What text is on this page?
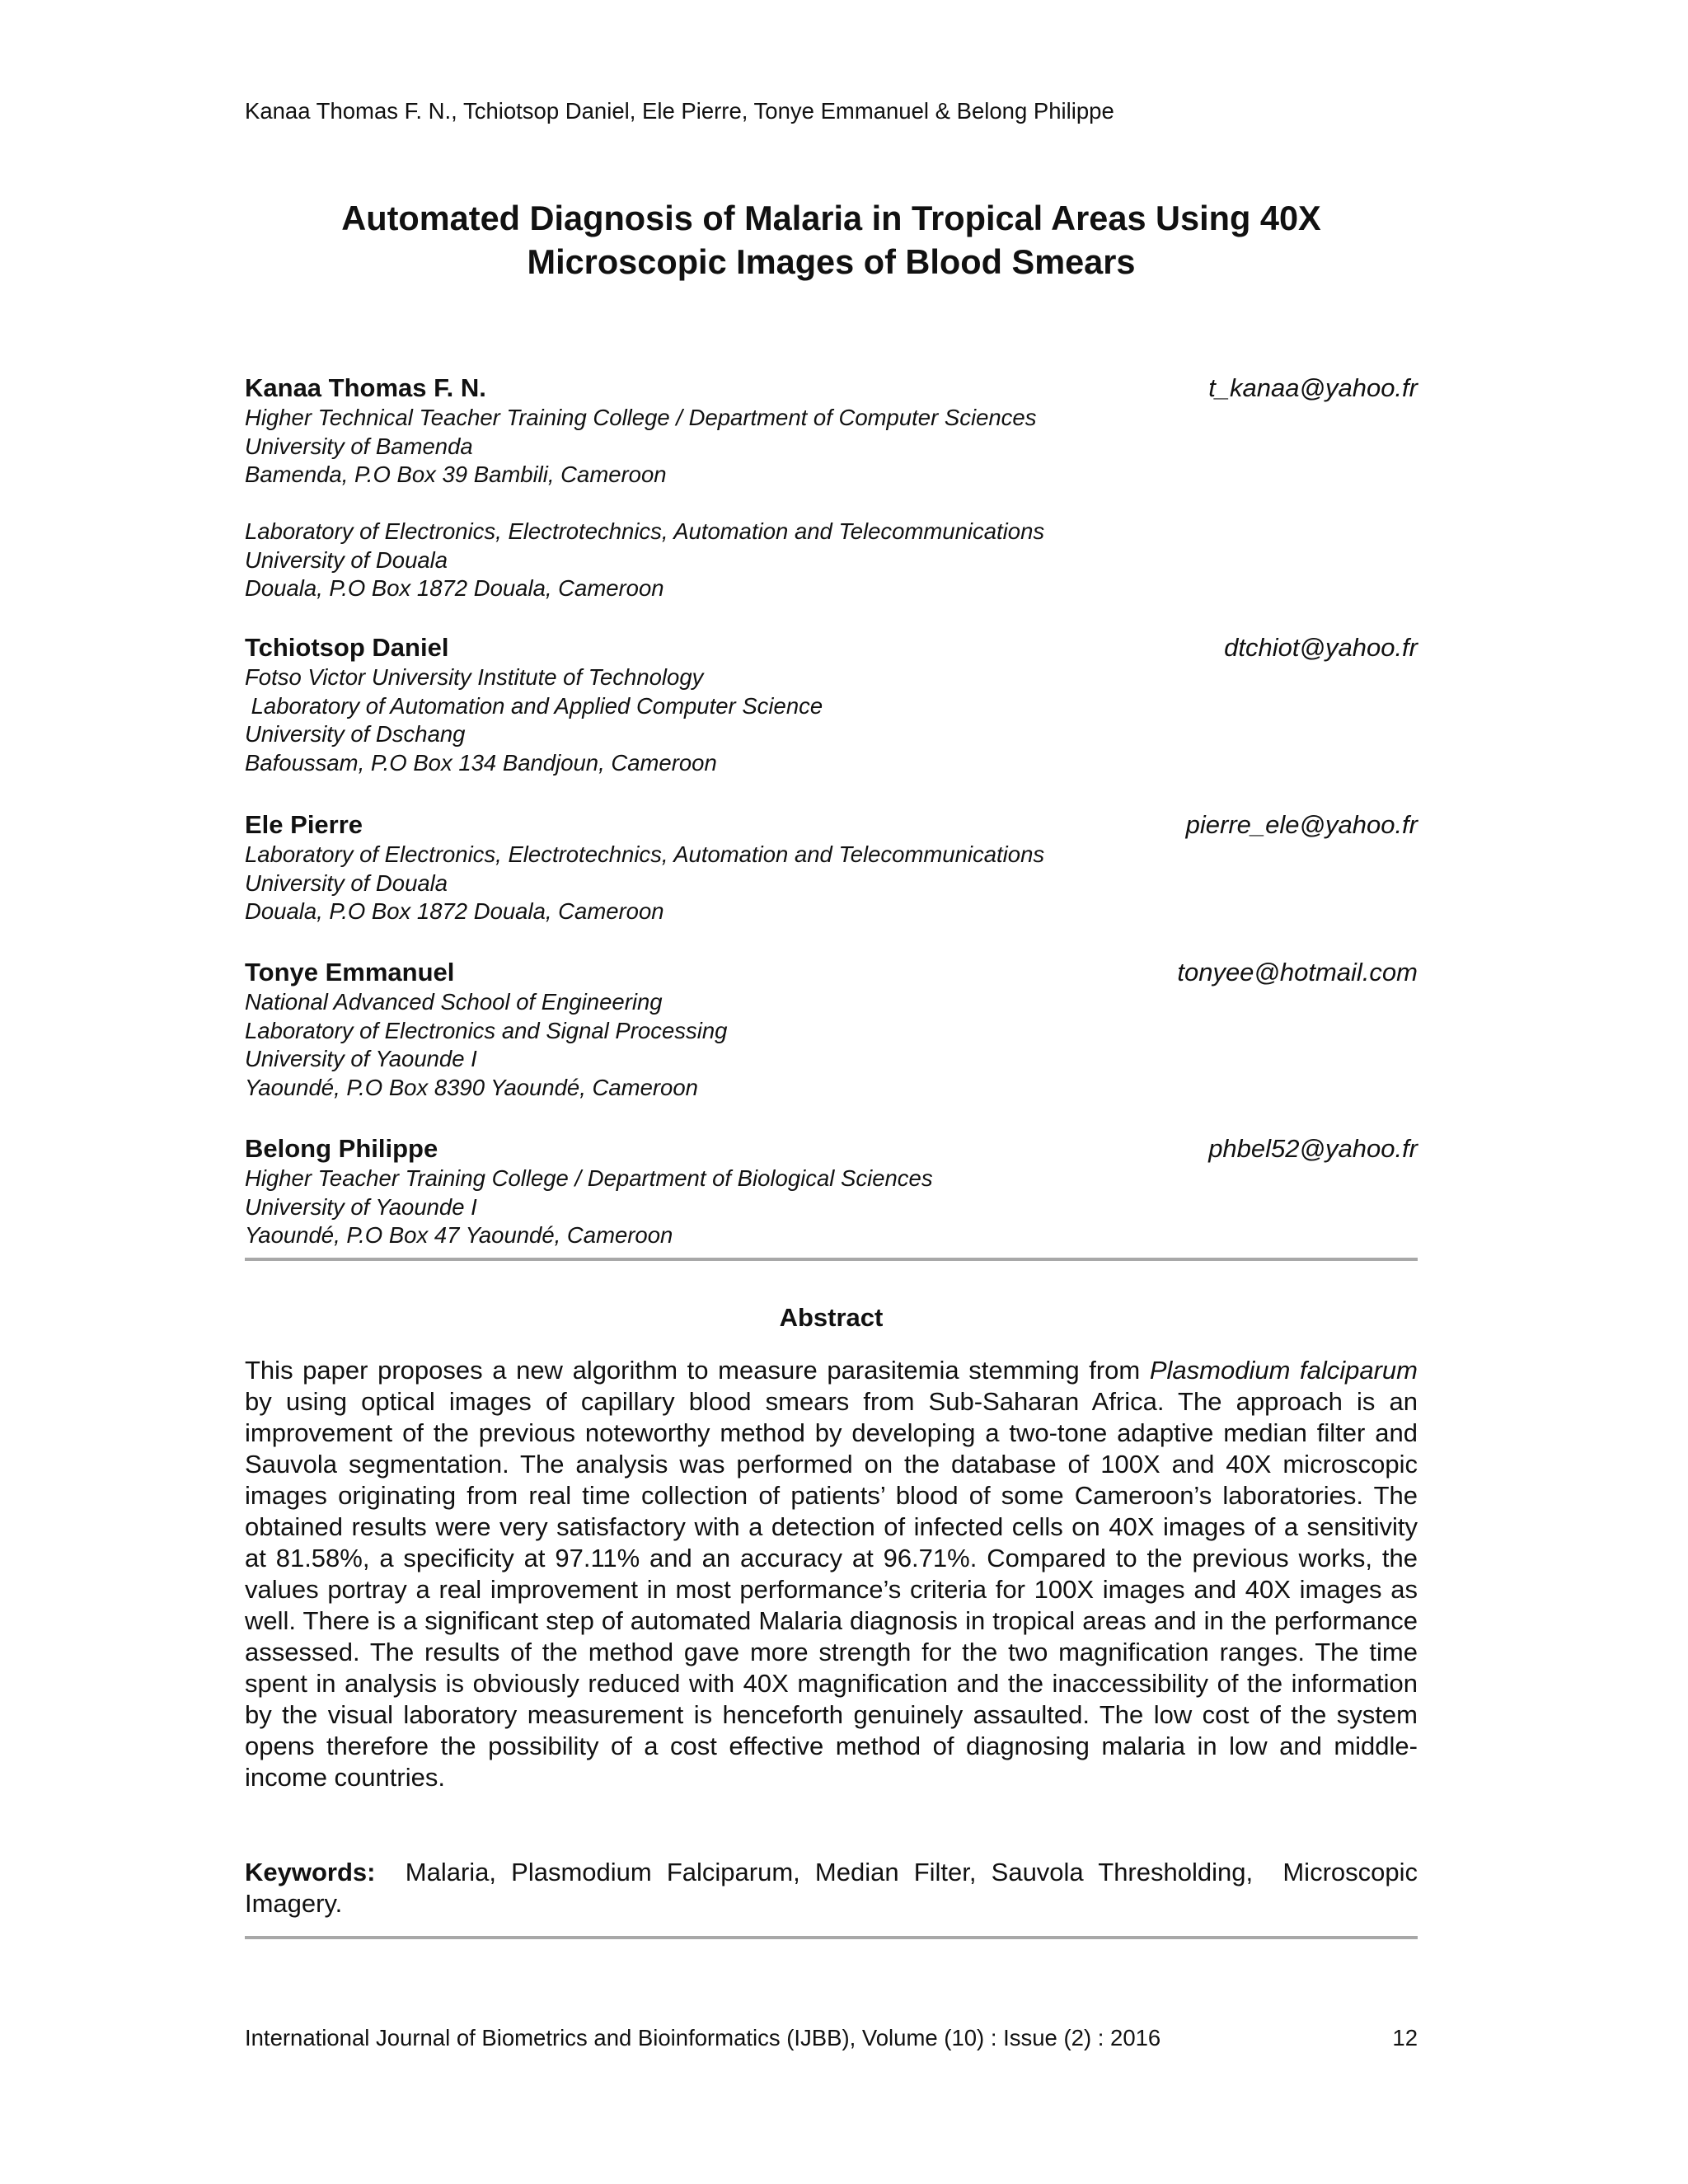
Kanaa Thomas F. N., Tchiotsop Daniel, Ele Pierre, Tonye Emmanuel & Belong Philippe
Automated Diagnosis of Malaria in Tropical Areas Using 40X
Microscopic Images of Blood Smears
Kanaa Thomas F. N.	t_kanaa@yahoo.fr
Higher Technical Teacher Training College / Department of Computer Sciences
University of Bamenda
Bamenda, P.O Box 39 Bambili, Cameroon
Laboratory of Electronics, Electrotechnics, Automation and Telecommunications
University of Douala
Douala, P.O Box 1872 Douala, Cameroon
Tchiotsop Daniel	dtchiot@yahoo.fr
Fotso Victor University Institute of Technology
Laboratory of Automation and Applied Computer Science
University of Dschang
Bafoussam, P.O Box 134 Bandjoun, Cameroon
Ele Pierre	pierre_ele@yahoo.fr
Laboratory of Electronics, Electrotechnics, Automation and Telecommunications
University of Douala
Douala, P.O Box 1872 Douala, Cameroon
Tonye Emmanuel	tonyee@hotmail.com
National Advanced School of Engineering
Laboratory of Electronics and Signal Processing
University of Yaounde I
Yaoundé, P.O Box 8390 Yaoundé, Cameroon
Belong Philippe	phbel52@yahoo.fr
Higher Teacher Training College / Department of Biological Sciences
University of Yaounde I
Yaoundé, P.O Box 47 Yaoundé, Cameroon
Abstract
This paper proposes a new algorithm to measure parasitemia stemming from Plasmodium falciparum by using optical images of capillary blood smears from Sub-Saharan Africa. The approach is an improvement of the previous noteworthy method by developing a two-tone adaptive median filter and Sauvola segmentation. The analysis was performed on the database of 100X and 40X microscopic images originating from real time collection of patients’ blood of some Cameroon’s laboratories. The obtained results were very satisfactory with a detection of infected cells on 40X images of a sensitivity at 81.58%, a specificity at 97.11% and an accuracy at 96.71%. Compared to the previous works, the values portray a real improvement in most performance’s criteria for 100X images and 40X images as well. There is a significant step of automated Malaria diagnosis in tropical areas and in the performance assessed. The results of the method gave more strength for the two magnification ranges. The time spent in analysis is obviously reduced with 40X magnification and the inaccessibility of the information by the visual laboratory measurement is henceforth genuinely assaulted. The low cost of the system opens therefore the possibility of a cost effective method of diagnosing malaria in low and middle-income countries.
Keywords:  Malaria, Plasmodium Falciparum, Median Filter, Sauvola Thresholding,  Microscopic Imagery.
International Journal of Biometrics and Bioinformatics (IJBB), Volume (10) : Issue (2) : 2016	12
